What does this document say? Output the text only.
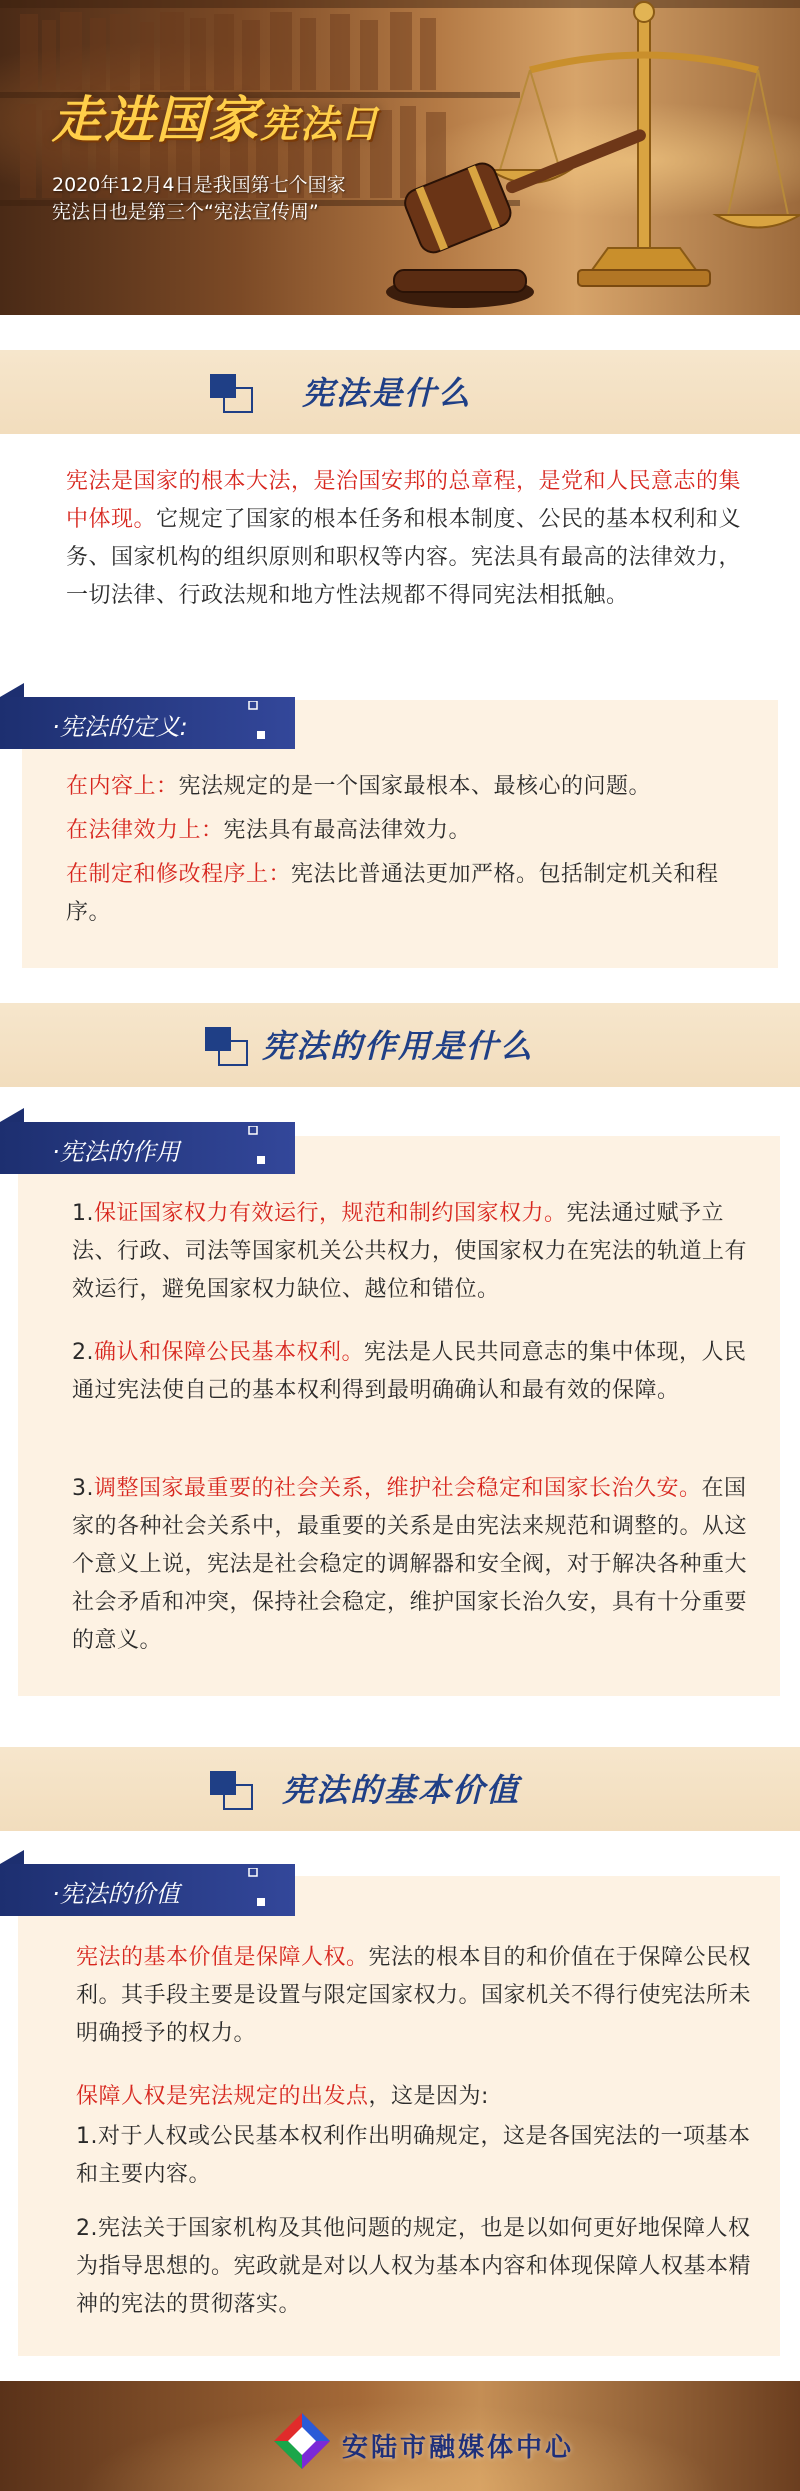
走进国家宪法日
2020年12月4日是我国第七个国家
宪法日也是第三个“宪法宣传周”
宪法是什么
宪法是国家的根本大法，是治国安邦的总章程，是党和人民意志的集中体现。它规定了国家的根本任务和根本制度、公民的基本权利和义务、国家机构的组织原则和职权等内容。宪法具有最高的法律效力，一切法律、行政法规和地方性法规都不得同宪法相抵触。
·宪法的定义:
在内容上：宪法规定的是一个国家最根本、最核心的问题。
在法律效力上：宪法具有最高法律效力。
在制定和修改程序上：宪法比普通法更加严格。包括制定机关和程序。
宪法的作用是什么
·宪法的作用
1.保证国家权力有效运行，规范和制约国家权力。宪法通过赋予立法、行政、司法等国家机关公共权力，使国家权力在宪法的轨道上有效运行，避免国家权力缺位、越位和错位。
2.确认和保障公民基本权利。宪法是人民共同意志的集中体现，人民通过宪法使自己的基本权利得到最明确确认和最有效的保障。
3.调整国家最重要的社会关系，维护社会稳定和国家长治久安。在国家的各种社会关系中，最重要的关系是由宪法来规范和调整的。从这个意义上说，宪法是社会稳定的调解器和安全阀，对于解决各种重大社会矛盾和冲突，保持社会稳定，维护国家长治久安，具有十分重要的意义。
宪法的基本价值
·宪法的价值
宪法的基本价值是保障人权。宪法的根本目的和价值在于保障公民权利。其手段主要是设置与限定国家权力。国家机关不得行使宪法所未明确授予的权力。
保障人权是宪法规定的出发点，这是因为:
1.对于人权或公民基本权利作出明确规定，这是各国宪法的一项基本和主要内容。
2.宪法关于国家机构及其他问题的规定，也是以如何更好地保障人权为指导思想的。宪政就是对以人权为基本内容和体现保障人权基本精神的宪法的贯彻落实。
安陆市融媒体中心
